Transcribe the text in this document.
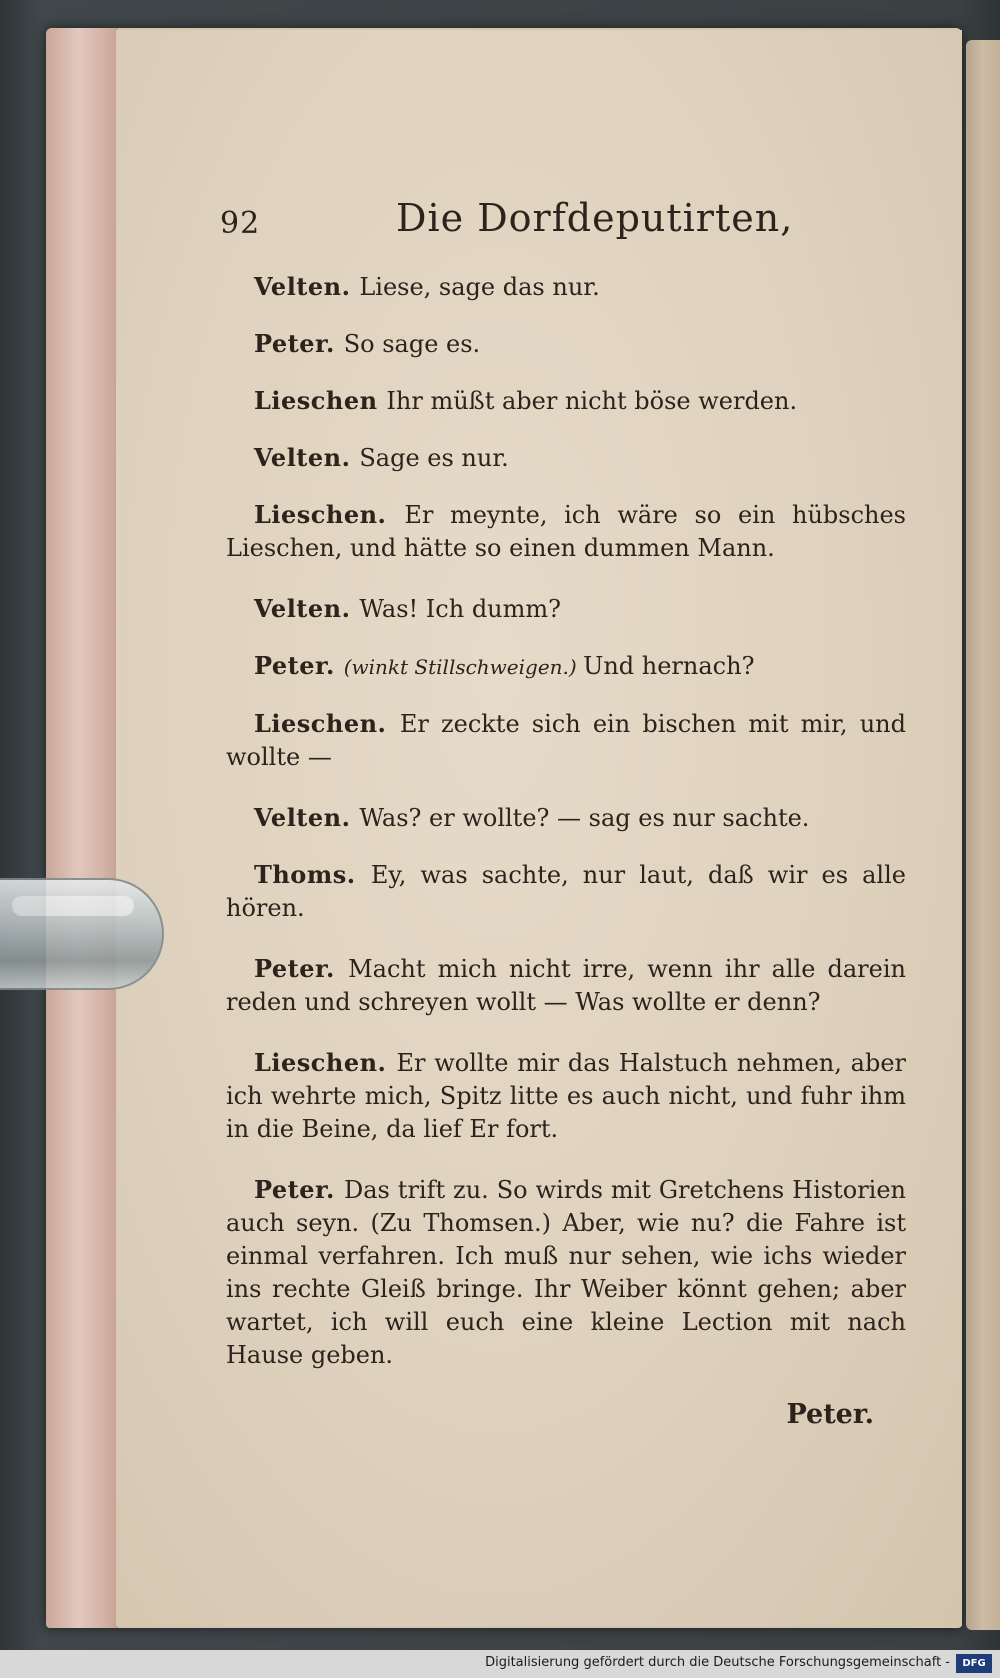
92	Die Dorfdeputirten,
Velten. Liese, sage das nur.
Peter. So sage es.
Lieschen Ihr müßt aber nicht böse werden.
Velten. Sage es nur.
Lieschen. Er meynte, ich wäre so ein hübsches Lieschen, und hätte so einen dummen Mann.
Velten. Was! Ich dumm?
Peter.( winkt Stillschweigen. ) Und hernach?
Lieschen. Er zeckte sich ein bischen mit mir, und wollte —
Velten. Was? er wollte? — sag es nur sachte.
Thoms. Ey, was sachte, nur laut, daß wir es alle hören.
Peter. Macht mich nicht irre, wenn ihr alle darein reden und schreyen wollt — Was wollte er denn?
Lieschen. Er wollte mir das Halstuch nehmen, aber ich wehrte mich, Spitz litte es auch nicht, und fuhr ihm in die Beine, da lief Er fort.
Peter. Das trift zu. So wirds mit Gretchens Historien auch seyn. (Zu Thomsen.) Aber, wie nu? die Fahre ist einmal verfahren. Ich muß nur sehen, wie ichs wieder ins rechte Gleiß bringe. Ihr Weiber könnt gehen; aber wartet, ich will euch eine kleine Lection mit nach Hause geben.
Peter.
Digitalisierung gefördert durch die Deutsche Forschungsgemeinschaft -	DFG
